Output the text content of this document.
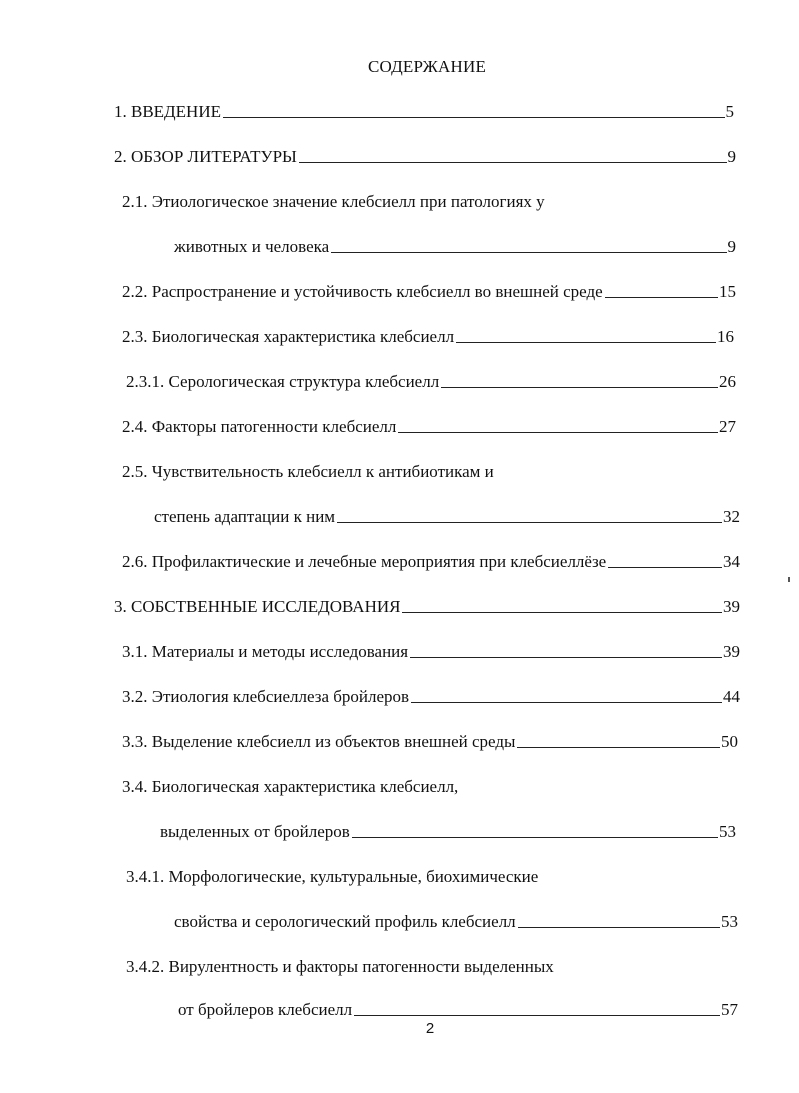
СОДЕРЖАНИЕ
1. ВВЕДЕНИЕ	5
2. ОБЗОР ЛИТЕРАТУРЫ	9
2.1. Этиологическое значение клебсиелл при патологиях у
животных и человека	9
2.2. Распространение и устойчивость клебсиелл во внешней среде	15
2.3. Биологическая характеристика клебсиелл	16
2.3.1. Серологическая структура клебсиелл	26
2.4. Факторы патогенности клебсиелл	27
2.5. Чувствительность клебсиелл к антибиотикам и
степень адаптации к ним	32
2.6. Профилактические и лечебные мероприятия при клебсиеллёзе	34
3. СОБСТВЕННЫЕ ИССЛЕДОВАНИЯ	39
3.1. Материалы и методы исследования	39
3.2. Этиология клебсиеллеза бройлеров	44
3.3. Выделение клебсиелл из объектов внешней среды	50
3.4. Биологическая характеристика клебсиелл,
выделенных от бройлеров	53
3.4.1. Морфологические, культуральные, биохимические
свойства и серологический профиль клебсиелл	53
3.4.2. Вирулентность и факторы патогенности выделенных
от бройлеров клебсиелл	57
2
